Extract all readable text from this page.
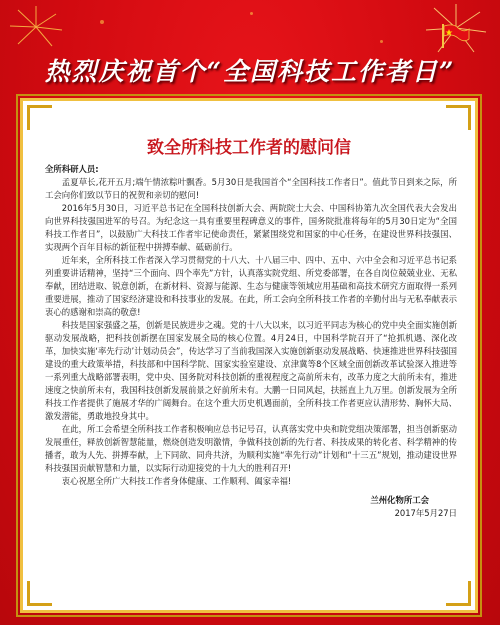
热烈庆祝首个“全国科技工作者日”
致全所科技工作者的慰问信

全所科研人员:

孟夏草长,花开五月;端午情浓粽叶飘香。5月30日是我国首个“全国科技工作者日”。值此节日到来之际，所工会向你们致以节日的祝贺和亲切的慰问!

2016年5月30日，习近平总书记在全国科技创新大会、两院院士大会、中国科协第九次全国代表大会发出向世界科技强国进军的号召。为纪念这一具有重要里程碑意义的事件，国务院批准将每年的5月30日定为“全国科技工作者日”，以鼓励广大科技工作者牢记使命责任，紧紧围绕党和国家的中心任务，在建设世界科技强国、实现两个百年目标的新征程中拼搏奉献、砥砺前行。

近年来，全所科技工作者深入学习贯彻党的十八大、十八届三中、四中、五中、六中全会和习近平总书记系列重要讲话精神，坚持“三个面向、四个率先”方针，认真落实院党组、所党委部署，在各自岗位兢兢业业、无私奉献，团结进取、锐意创新，在新材料、资源与能源、生态与健康等领域应用基础和高技术研究方面取得一系列重要进展，推动了国家经济建设和科技事业的发展。在此，所工会向全所科技工作者的辛勤付出与无私奉献表示衷心的感谢和崇高的敬意!

科技是国家强盛之基，创新是民族进步之魂。党的十八大以来，以习近平同志为核心的党中央全面实施创新驱动发展战略，把科技创新摆在国家发展全局的核心位置。4月24日，中国科学院召开了“抢抓机遇、深化改革，加快实施‘率先行动’计划动员会”，传达学习了当前我国深入实施创新驱动发展战略、快速推进世界科技强国建设的重大政策举措，科技部和中国科学院、国家实验室建设、京津冀等8个区域全面创新改革试验深入推进等一系列重大战略部署表明，党中央、国务院对科技创新的重视程度之高前所未有，改革力度之大前所未有，推进速度之快前所未有，我国科技创新发展前景之好前所未有。大鹏一日同风起，扶摇直上九万里。创新发展为全所科技工作者提供了施展才华的广阔舞台。在这个重大历史机遇面前，全所科技工作者更应认清形势、胸怀大局、激发潜能，勇敢地投身其中。

在此，所工会希望全所科技工作者积极响应总书记号召，认真落实党中央和院党组决策部署，担当创新驱动发展重任，释放创新智慧能量，燃烧创造发明激情，争做科技创新的先行者、科技成果的转化者、科学精神的传播者，敢为人先、拼搏奉献，上下同欲、同舟共济，为顺利实施“率先行动”计划和“十三五”规划，推动建设世界科技强国贡献智慧和力量，以实际行动迎接党的十九大的胜利召开!

衷心祝愿全所广大科技工作者身体健康、工作顺利、阖家幸福!

兰州化物所工会
2017年5月27日
